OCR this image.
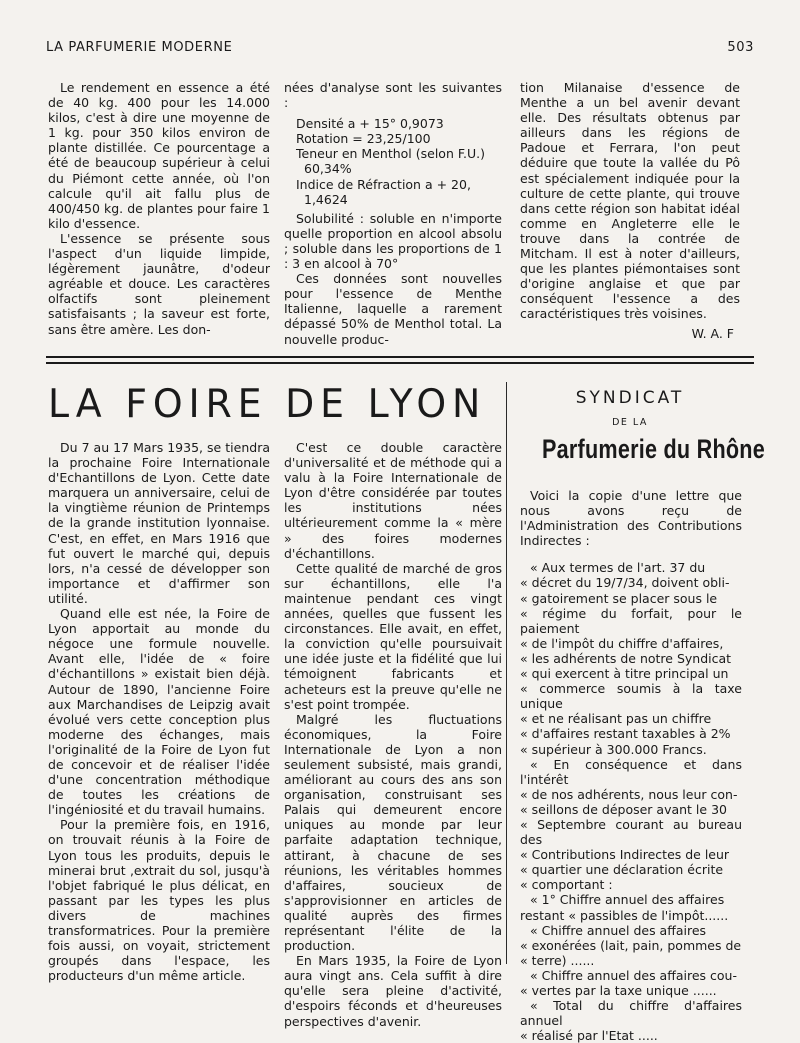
LA PARFUMERIE MODERNE	503

Le rendement en essence a été de 40 kg. 400 pour les 14.000 kilos, c'est à dire une moyenne de 1 kg. pour 350 kilos environ de plante distillée. Ce pourcentage a été de beaucoup supérieur à celui du Piémont cette année, où l'on calcule qu'il ait fallu plus de 400/450 kg. de plantes pour faire 1 kilo d'essence.

L'essence se présente sous l'aspect d'un liquide limpide, légèrement jaunâtre, d'odeur agréable et douce. Les caractères olfactifs sont pleinement satisfaisants ; la saveur est forte, sans être amère. Les don-

nées d'analyse sont les suivantes :

Densité a + 15° 0,9073

Rotation = 23,25/100

Teneur en Menthol (selon F.U.)

60,34%

Indice de Réfraction a + 20,

1,4624

Solubilité : soluble en n'importe quelle proportion en alcool absolu ; soluble dans les proportions de 1 : 3 en alcool à 70°

Ces données sont nouvelles pour l'essence de Menthe Italienne, laquelle a rarement dépassé 50% de Menthol total. La nouvelle produc-

tion Milanaise d'essence de Menthe a un bel avenir devant elle. Des résultats obtenus par ailleurs dans les régions de Padoue et Ferrara, l'on peut déduire que toute la vallée du Pô est spécialement indiquée pour la culture de cette plante, qui trouve dans cette région son habitat idéal comme en Angleterre elle le trouve dans la contrée de Mitcham. Il est à noter d'ailleurs, que les plantes piémontaises sont d'origine anglaise et que par conséquent l'essence a des caractéristiques très voisines.

W. A. F

LA FOIRE DE LYON

Du 7 au 17 Mars 1935, se tiendra la prochaine Foire Internationale d'Echantillons de Lyon. Cette date marquera un anniversaire, celui de la vingtième réunion de Printemps de la grande institution lyonnaise. C'est, en effet, en Mars 1916 que fut ouvert le marché qui, depuis lors, n'a cessé de développer son importance et d'affirmer son utilité.

Quand elle est née, la Foire de Lyon apportait au monde du négoce une formule nouvelle. Avant elle, l'idée de « foire d'échantillons » existait bien déjà. Autour de 1890, l'ancienne Foire aux Marchandises de Leipzig avait évolué vers cette conception plus moderne des échanges, mais l'originalité de la Foire de Lyon fut de concevoir et de réaliser l'idée d'une concentration méthodique de toutes les créations de l'ingéniosité et du travail humains.

Pour la première fois, en 1916, on trouvait réunis à la Foire de Lyon tous les produits, depuis le minerai brut ,extrait du sol, jusqu'à l'objet fabriqué le plus délicat, en passant par les types les plus divers de machines transformatrices. Pour la première fois aussi, on voyait, strictement groupés dans l'espace, les producteurs d'un même article.

C'est ce double caractère d'universalité et de méthode qui a valu à la Foire Internationale de Lyon d'être considérée par toutes les institutions nées ultérieurement comme la « mère » des foires modernes d'échantillons.

Cette qualité de marché de gros sur échantillons, elle l'a maintenue pendant ces vingt années, quelles que fussent les circonstances. Elle avait, en effet, la conviction qu'elle poursuivait une idée juste et la fidélité que lui témoignent fabricants et acheteurs est la preuve qu'elle ne s'est point trompée.

Malgré les fluctuations économiques, la Foire Internationale de Lyon a non seulement subsisté, mais grandi, améliorant au cours des ans son organisation, construisant ses Palais qui demeurent encore uniques au monde par leur parfaite adaptation technique, attirant, à chacune de ses réunions, les véritables hommes d'affaires, soucieux de s'approvisionner en articles de qualité auprès des firmes représentant l'élite de la production.

En Mars 1935, la Foire de Lyon aura vingt ans. Cela suffit à dire qu'elle sera pleine d'activité, d'espoirs féconds et d'heureuses perspectives d'avenir.

SYNDICAT
DE LA
Parfumerie du Rhône

Voici la copie d'une lettre que nous avons reçu de l'Administration des Contributions Indirectes :

« Aux termes de l'art. 37 du

« décret du 19/7/34, doivent obli-

« gatoirement se placer sous le

« régime du forfait, pour le paiement

« de l'impôt du chiffre d'affaires,

« les adhérents de notre Syndicat

« qui exercent à titre principal un

« commerce soumis à la taxe unique

« et ne réalisant pas un chiffre

« d'affaires restant taxables à 2%

« supérieur à 300.000 Francs.

« En conséquence et dans l'intérêt

« de nos adhérents, nous leur con-

« seillons de déposer avant le 30

« Septembre courant au bureau des

« Contributions Indirectes de leur

« quartier une déclaration écrite

« comportant :

« 1° Chiffre annuel des affaires

restant « passibles de l'impôt......

« Chiffre annuel des affaires

« exonérées (lait, pain, pommes de

« terre) ......

« Chiffre annuel des affaires cou-

« vertes par la taxe unique ......

« Total du chiffre d'affaires annuel

« réalisé par l'Etat .....
